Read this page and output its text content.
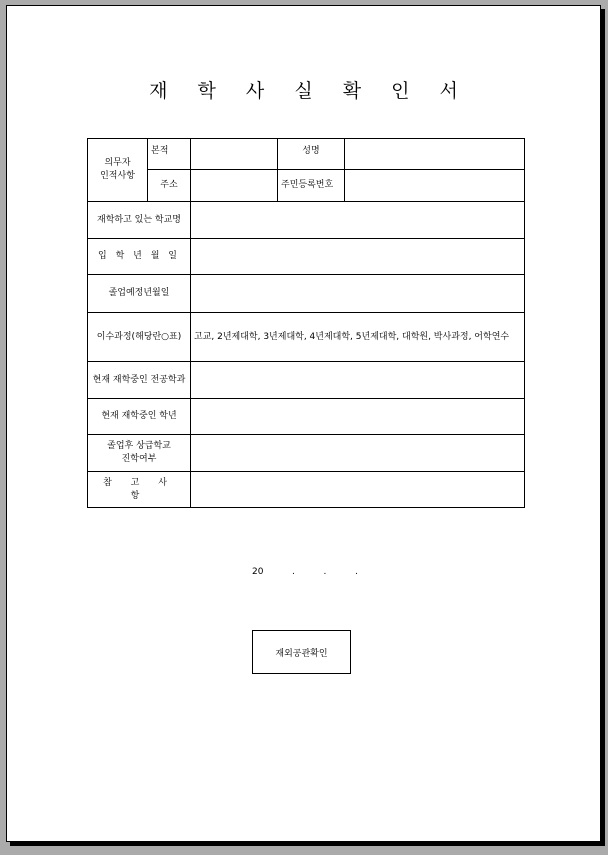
재 학 사 실 확 인 서
의무자
인적사항	본적		성명	
	주소		주민등록번호	
재학하고 있는 학교명				
입 학 년 월 일				
졸업예정년월일				
이수과정(해당란○표)		고교, 2년제대학, 3년제대학, 4년제대학, 5년제대학, 대학원, 박사과정, 어학연수		
현재 재학중인 전공학과				
현재 재학중인 학년				
졸업후 상급학교
진학여부				
참 고 사 항				
20          .          .          .
재외공관확인
